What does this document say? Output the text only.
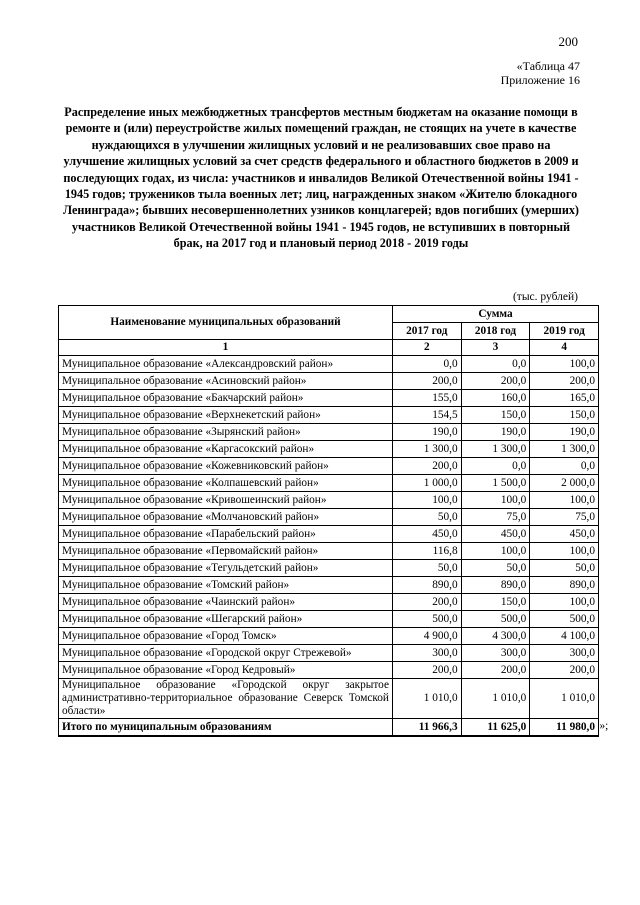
200
«Таблица 47
Приложение 16
Распределение иных межбюджетных трансфертов местным бюджетам на оказание помощи в ремонте и (или) переустройстве жилых помещений граждан, не стоящих на учете в качестве нуждающихся в улучшении жилищных условий и не реализовавших свое право на улучшение жилищных условий за счет средств федерального и областного бюджетов в 2009 и последующих годах, из числа: участников и инвалидов Великой Отечественной войны 1941 - 1945 годов; тружеников тыла военных лет; лиц, награжденных знаком «Жителю блокадного Ленинграда»; бывших несовершеннолетних узников концлагерей; вдов погибших (умерших) участников Великой Отечественной войны 1941 - 1945 годов, не вступивших в повторный брак, на 2017 год и плановый период 2018 - 2019 годы
(тыс. рублей)
Наименование муниципальных образований	Сумма		
	2017 год	2018 год	2019 год
1	2	3	4
Муниципальное образование «Александровский район»	0,0	0,0	100,0
Муниципальное образование «Асиновский район»	200,0	200,0	200,0
Муниципальное образование «Бакчарский район»	155,0	160,0	165,0
Муниципальное образование «Верхнекетский район»	154,5	150,0	150,0
Муниципальное образование «Зырянский район»	190,0	190,0	190,0
Муниципальное образование «Каргасокский район»	1 300,0	1 300,0	1 300,0
Муниципальное образование «Кожевниковский район»	200,0	0,0	0,0
Муниципальное образование «Колпашевский район»	1 000,0	1 500,0	2 000,0
Муниципальное образование «Кривошеинский район»	100,0	100,0	100,0
Муниципальное образование «Молчановский район»	50,0	75,0	75,0
Муниципальное образование «Парабельский район»	450,0	450,0	450,0
Муниципальное образование «Первомайский район»	116,8	100,0	100,0
Муниципальное образование «Тегульдетский район»	50,0	50,0	50,0
Муниципальное образование «Томский район»	890,0	890,0	890,0
Муниципальное образование «Чаинский район»	200,0	150,0	100,0
Муниципальное образование «Шегарский район»	500,0	500,0	500,0
Муниципальное образование «Город Томск»	4 900,0	4 300,0	4 100,0
Муниципальное образование «Городской округ Стрежевой»	300,0	300,0	300,0
Муниципальное образование «Город Кедровый»	200,0	200,0	200,0
Муниципальное образование «Городской округ закрытое административно-территориальное образование Северск Томской области»	1 010,0	1 010,0	1 010,0
Итого по муниципальным образованиям	11 966,3	11 625,0	11 980,0 »;
